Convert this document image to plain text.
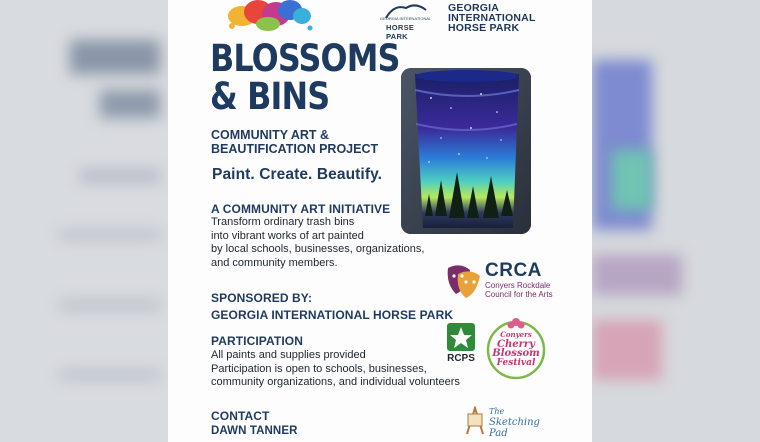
GEORGIA INTERNATIONAL
HORSE PARK
GEORGIA
INTERNATIONAL
HORSE PARK
BLOSSOMS
& BINS
COMMUNITY ART &
BEAUTIFICATION PROJECT
Paint. Create. Beautify.
A COMMUNITY ART INITIATIVE
Transform ordinary trash bins
into vibrant works of art painted
by local schools, businesses, organizations,
and community members.
SPONSORED BY:
GEORGIA INTERNATIONAL HORSE PARK
PARTICIPATION
All paints and supplies provided
Participation is open to schools, businesses,
community organizations, and individual volunteers
CONTACT
DAWN TANNER
CRCA
Conyers Rockdale
Council for the Arts
RCPS
Conyers
Cherry
Blossom
Festival
The
Sketching Pad
